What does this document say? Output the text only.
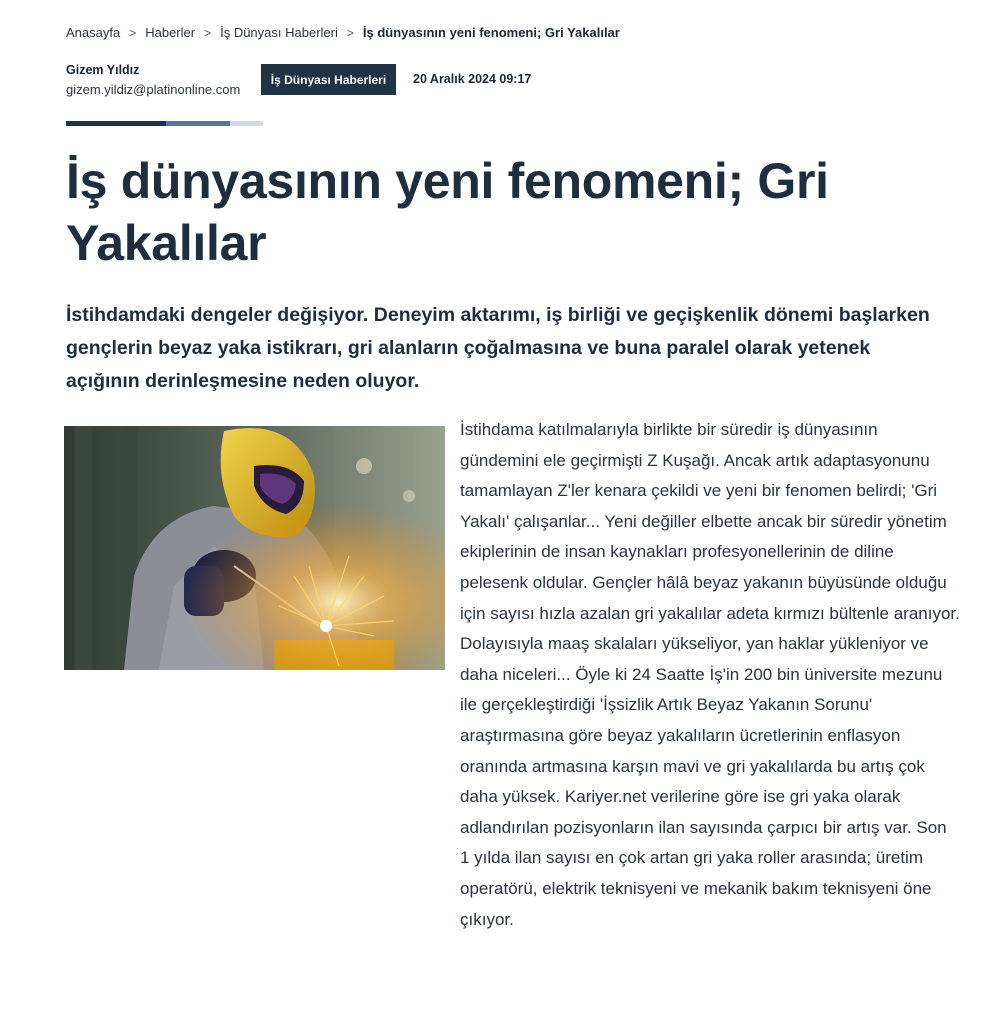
Anasayfa > Haberler > İş Dünyası Haberleri > İş dünyasının yeni fenomeni; Gri Yakalılar
Gizem Yıldız
gizem.yildiz@platinonline.com
İş Dünyası Haberleri	20 Aralık 2024 09:17
İş dünyasının yeni fenomeni; Gri Yakalılar

İstihdamdaki dengeler değişiyor. Deneyim aktarımı, iş birliği ve geçişkenlik dönemi başlarken gençlerin beyaz yaka istikrarı, gri alanların çoğalmasına ve buna paralel olarak yetenek açığının derinleşmesine neden oluyor.

İstihdama katılmalarıyla birlikte bir süredir iş dünyasının gündemini ele geçirmişti Z Kuşağı. Ancak artık adaptasyonunu tamamlayan Z'ler kenara çekildi ve yeni bir fenomen belirdi; 'Gri Yakalı' çalışanlar... Yeni değiller elbette ancak bir süredir yönetim ekiplerinin de insan kaynakları profesyonellerinin de diline pelesenk oldular. Gençler hâlâ beyaz yakanın büyüsünde olduğu için sayısı hızla azalan gri yakalılar adeta kırmızı bültenle aranıyor. Dolayısıyla maaş skalaları yükseliyor, yan haklar yükleniyor ve daha niceleri... Öyle ki 24 Saatte İş'in 200 bin üniversite mezunu ile gerçekleştirdiği 'İşsizlik Artık Beyaz Yakanın Sorunu' araştırmasına göre beyaz yakalıların ücretlerinin enflasyon oranında artmasına karşın mavi ve gri yakalılarda bu artış çok daha yüksek. Kariyer.net verilerine göre ise gri yaka olarak adlandırılan pozisyonların ilan sayısında çarpıcı bir artış var. Son 1 yılda ilan sayısı en çok artan gri yaka roller arasında; üretim operatörü, elektrik teknisyeni ve mekanik bakım teknisyeni öne çıkıyor.
